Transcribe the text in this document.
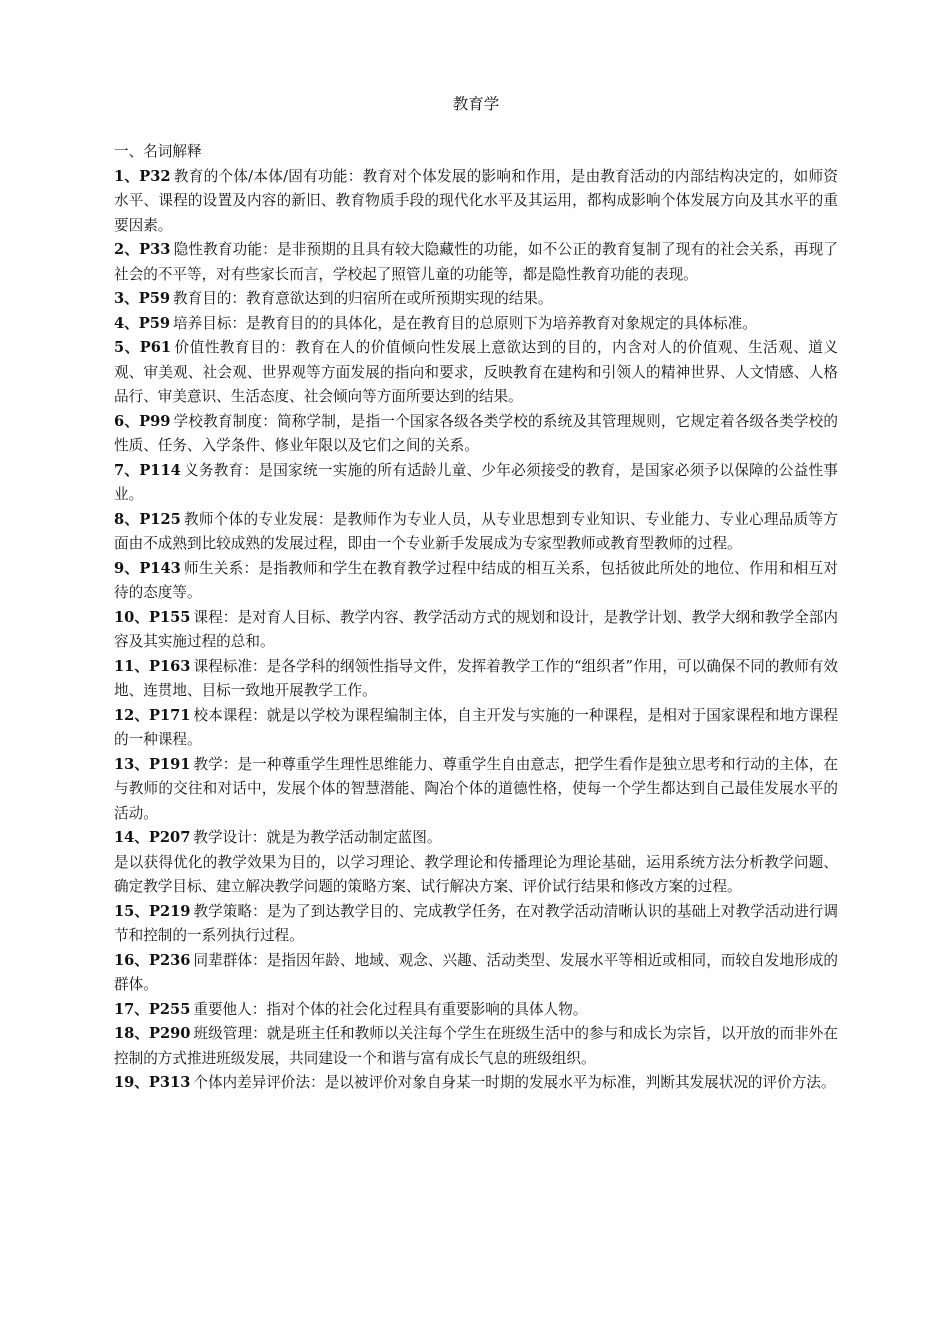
教育学
一、名词解释

1、P32 教育的个体/本体/固有功能：教育对个体发展的影响和作用，是由教育活动的内部结构决定的，如师资水平、课程的设置及内容的新旧、教育物质手段的现代化水平及其运用，都构成影响个体发展方向及其水平的重要因素。

2、P33 隐性教育功能：是非预期的且具有较大隐藏性的功能，如不公正的教育复制了现有的社会关系，再现了社会的不平等，对有些家长而言，学校起了照管儿童的功能等，都是隐性教育功能的表现。

3、P59 教育目的：教育意欲达到的归宿所在或所预期实现的结果。

4、P59 培养目标：是教育目的的具体化，是在教育目的总原则下为培养教育对象规定的具体标准。

5、P61 价值性教育目的：教育在人的价值倾向性发展上意欲达到的目的，内含对人的价值观、生活观、道义观、审美观、社会观、世界观等方面发展的指向和要求，反映教育在建构和引领人的精神世界、人文情感、人格品行、审美意识、生活态度、社会倾向等方面所要达到的结果。

6、P99 学校教育制度：简称学制，是指一个国家各级各类学校的系统及其管理规则，它规定着各级各类学校的性质、任务、入学条件、修业年限以及它们之间的关系。

7、P114 义务教育：是国家统一实施的所有适龄儿童、少年必须接受的教育，是国家必须予以保障的公益性事业。

8、P125 教师个体的专业发展：是教师作为专业人员，从专业思想到专业知识、专业能力、专业心理品质等方面由不成熟到比较成熟的发展过程，即由一个专业新手发展成为专家型教师或教育型教师的过程。

9、P143 师生关系：是指教师和学生在教育教学过程中结成的相互关系，包括彼此所处的地位、作用和相互对待的态度等。

10、P155 课程：是对育人目标、教学内容、教学活动方式的规划和设计，是教学计划、教学大纲和教学全部内容及其实施过程的总和。

11、P163 课程标准：是各学科的纲领性指导文件，发挥着教学工作的“组织者”作用，可以确保不同的教师有效地、连贯地、目标一致地开展教学工作。

12、P171 校本课程：就是以学校为课程编制主体，自主开发与实施的一种课程，是相对于国家课程和地方课程的一种课程。

13、P191 教学：是一种尊重学生理性思维能力、尊重学生自由意志，把学生看作是独立思考和行动的主体，在与教师的交往和对话中，发展个体的智慧潜能、陶冶个体的道德性格，使每一个学生都达到自己最佳发展水平的活动。

14、P207 教学设计：就是为教学活动制定蓝图。

是以获得优化的教学效果为目的，以学习理论、教学理论和传播理论为理论基础，运用系统方法分析教学问题、确定教学目标、建立解决教学问题的策略方案、试行解决方案、评价试行结果和修改方案的过程。

15、P219 教学策略：是为了到达教学目的、完成教学任务，在对教学活动清晰认识的基础上对教学活动进行调节和控制的一系列执行过程。

16、P236 同辈群体：是指因年龄、地域、观念、兴趣、活动类型、发展水平等相近或相同，而较自发地形成的群体。

17、P255 重要他人：指对个体的社会化过程具有重要影响的具体人物。

18、P290 班级管理：就是班主任和教师以关注每个学生在班级生活中的参与和成长为宗旨，以开放的而非外在控制的方式推进班级发展，共同建设一个和谐与富有成长气息的班级组织。

19、P313 个体内差异评价法：是以被评价对象自身某一时期的发展水平为标准，判断其发展状况的评价方法。
